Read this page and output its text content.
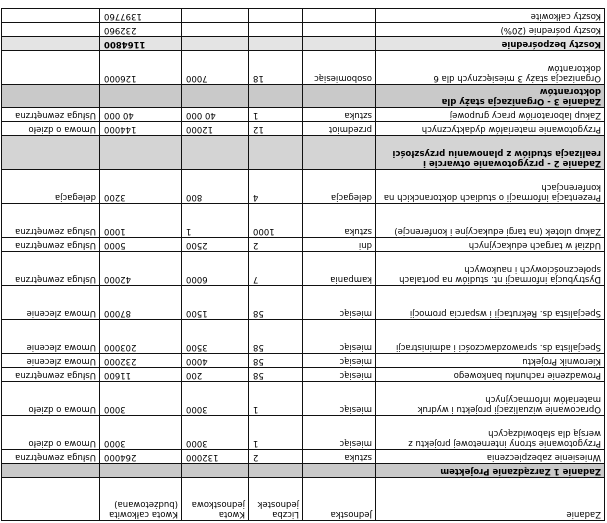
Zadanie	Jednostka	Liczba jednostek	Kwota jednostkowa	Kwota całkowita (budżetowana)	
Zadanie 1 Zarządzanie Projektem					
Wniesienie zabezpieczenia	sztuka	2	132000	264000	Usługa zewnętrzna
Przygotowanie strony internetowej projektu z wersją dla słabowidzących	miesiąc	1	3000	3000	Umowa o dzieło
Opracowanie wizualizacji projektu i wydruk materiałów informacyjnych	miesiąc	1	3000	3000	Umowa o dzieło
Prowadzenie rachunku bankowego	miesiąc	58	200	11600	Usługa zewnętrzna
Kierownik Projektu	miesiąc	58	4000	232000	Umowa zlecenie
Specjalista ds. sprawozdawczości i administracji	miesiąc	58	3500	203000	Umowa zlecenie
Specjalista ds. Rekrutacji i wsparcia promocji	miesiąc	58	1500	87000	Umowa zlecenie
Dystrybucja informacji nt. studiów na portalach społecznościowych i naukowych	kampania	7	6000	42000	Usługa zewnętrzna
Udział w targach edukacyjnych	dni	2	2500	5000	Usługa zewnętrzna
Zakup ulotek (na targi edukacyjne i konferencje)	sztuka	1000	1	1000	Usługa zewnętrzna
Prezentacja informacji o studiach doktoranckich na konferencjach	delegacja	4	800	3200	delegacja
Zadanie 2 - przygotowanie otwarcie i realizacja studiów z planowaniu przyszłości					
Przygotowanie materiałów dydaktycznych	przedmiot	12	12000	144000	Umowa o dzieło
Zakup laboratoriów pracy grupowej	sztuka	1	40 000	40 000	Usługa zewnętrzna
Zadanie 3 - Organizacja staży dla doktorantów					
Organizacja staży 3 miesięcznych dla 6 doktorantów	osobomiesiąc	18	7000	126000	
Koszty bezpośrednie				1164800	
Koszty pośrednie (20%)				232960	
Koszty całkowite				1397760	
